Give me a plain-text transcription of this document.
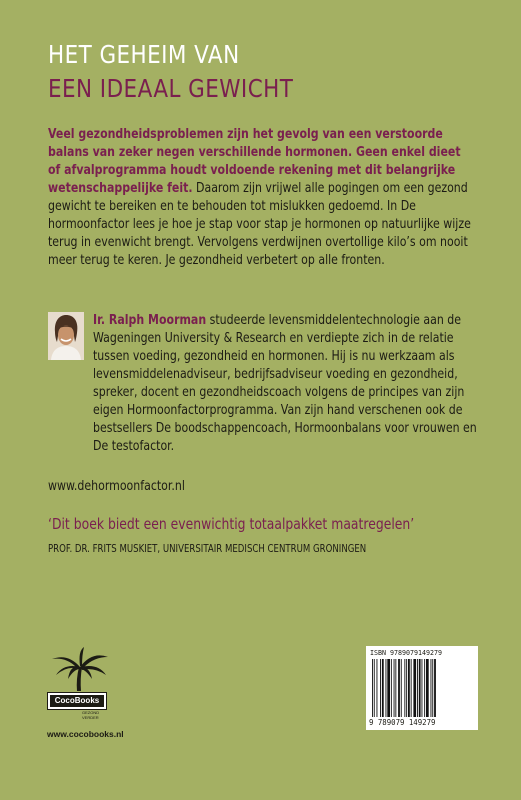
HET GEHEIM VAN
EEN IDEAAL GEWICHT
Veel gezondheidsproblemen zijn het gevolg van een verstoorde balans van zeker negen verschillende hormonen. Geen enkel dieet of afvalprogramma houdt voldoende rekening met dit belangrijke wetenschappelijke feit. Daarom zijn vrijwel alle pogingen om een gezond gewicht te bereiken en te behouden tot mislukken gedoemd. In De hormoonfactor lees je hoe je stap voor stap je hormonen op natuurlijke wijze terug in evenwicht brengt. Vervolgens verdwijnen overtollige kilo’s om nooit meer terug te keren. Je gezondheid verbetert op alle fronten.
Ir. Ralph Moorman studeerde levensmiddelentechnologie aan de Wageningen University & Research en verdiepte zich in de relatie tussen voeding, gezondheid en hormonen. Hij is nu werkzaam als levensmiddelenadviseur, bedrijfsadviseur voeding en gezondheid, spreker, docent en gezondheidscoach volgens de principes van zijn eigen Hormoonfactorprogramma. Van zijn hand verschenen ook de bestsellers De boodschappencoach, Hormoonbalans voor vrouwen en De testofactor.
www.dehormoonfactor.nl
‘Dit boek biedt een evenwichtig totaalpakket maatregelen’
PROF. DR. FRITS MUSKIET, UNIVERSITAIR MEDISCH CENTRUM GRONINGEN
CocoBooks
GEZOND VERDER
www.cocobooks.nl
ISBN 9789079149279
9 789079 149279
